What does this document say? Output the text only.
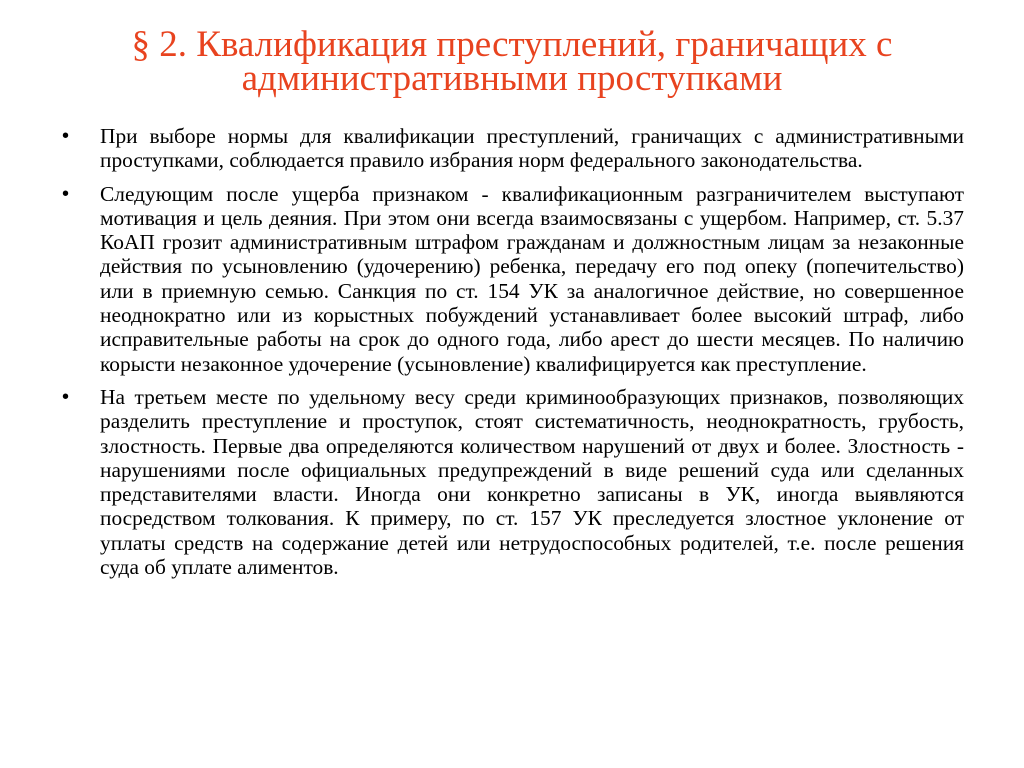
§ 2. Квалификация преступлений, граничащих с административными проступками
•	При выборе нормы для квалификации преступлений, граничащих с административными проступками, соблюдается правило избрания норм федерального законодательства.
•	Следующим после ущерба признаком - квалификационным разграничителем выступают мотивация и цель деяния. При этом они всегда взаимосвязаны с ущербом. Например, ст. 5.37 КоАП грозит административным штрафом гражданам и должностным лицам за незаконные действия по усыновлению (удочерению) ребенка, передачу его под опеку (попечительство) или в приемную семью. Санкция по ст. 154 УК за аналогичное действие, но совершенное неоднократно или из корыстных побуждений устанавливает более высокий штраф, либо исправительные работы на срок до одного года, либо арест до шести месяцев. По наличию корысти незаконное удочерение (усыновление) квалифицируется как преступление.
•	На третьем месте по удельному весу среди криминообразующих признаков, позволяющих разделить преступление и проступок, стоят систематичность, неоднократность, грубость, злостность. Первые два определяются количеством нарушений от двух и более. Злостность - нарушениями после официальных предупреждений в виде решений суда или сделанных представителями власти. Иногда они конкретно записаны в УК, иногда выявляются посредством толкования. К примеру, по ст. 157 УК преследуется злостное уклонение от уплаты средств на содержание детей или нетрудоспособных родителей, т.е. после решения суда об уплате алиментов.
